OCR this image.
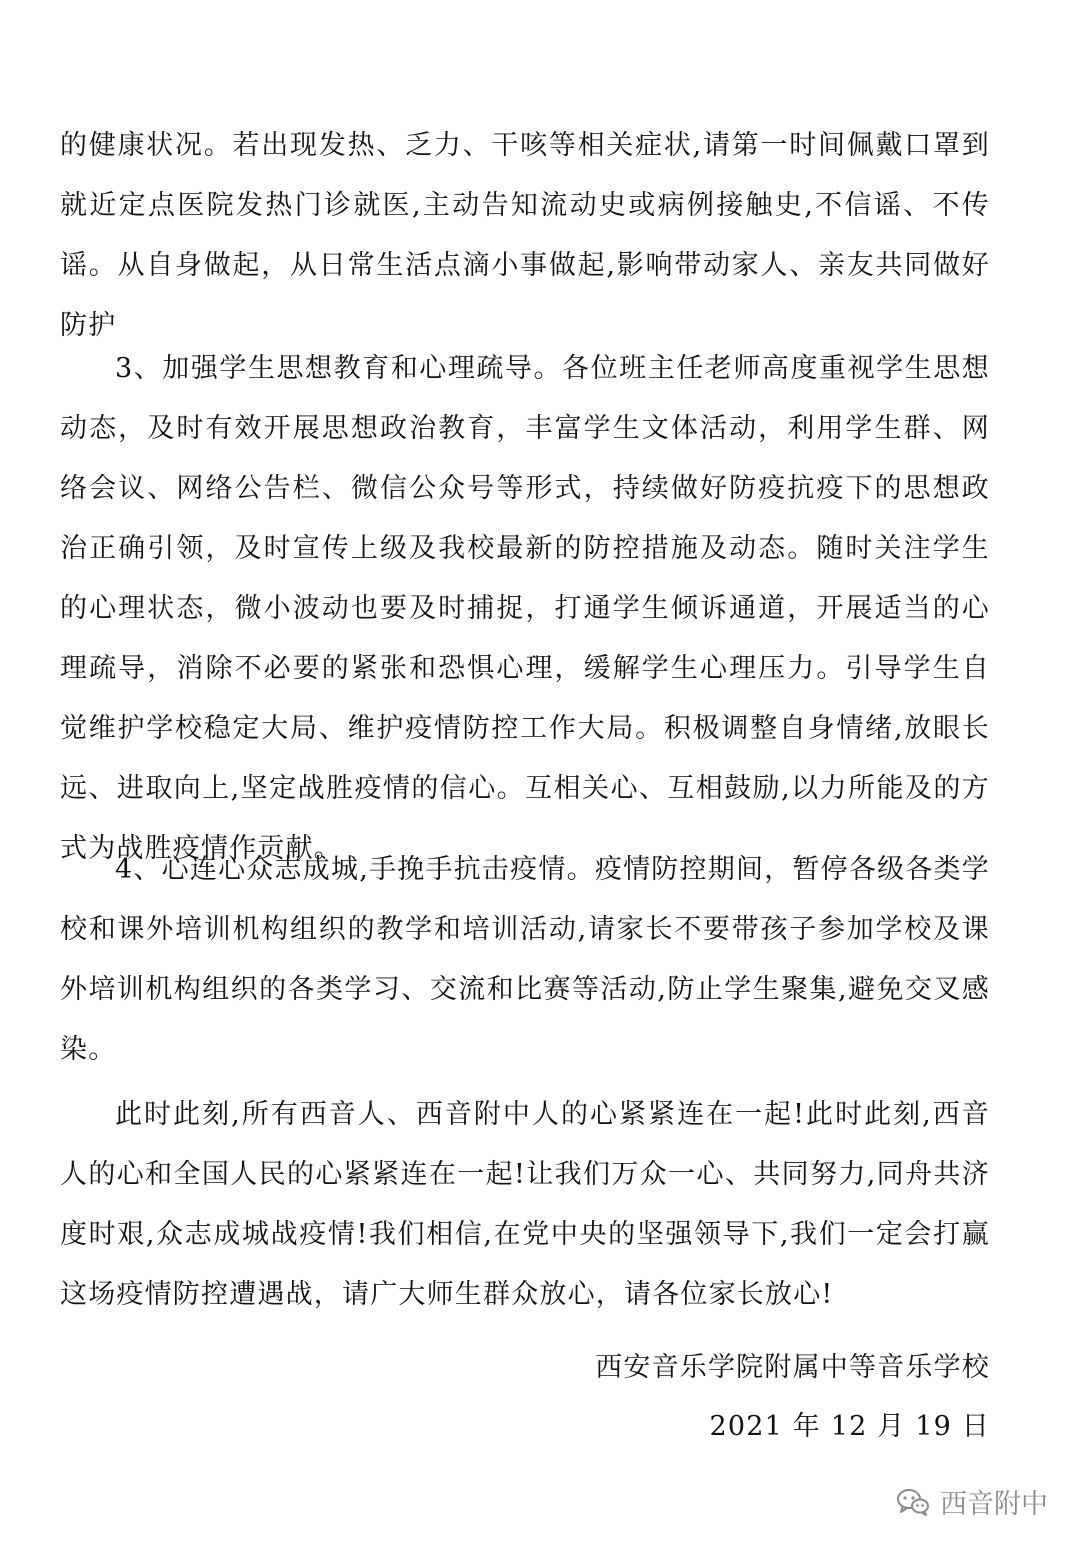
的健康状况。若出现发热、乏力、干咳等相关症状,请第一时间佩戴口罩到就近定点医院发热门诊就医,主动告知流动史或病例接触史,不信谣、不传谣。从自身做起，从日常生活点滴小事做起,影响带动家人、亲友共同做好防护

3、加强学生思想教育和心理疏导。各位班主任老师高度重视学生思想动态，及时有效开展思想政治教育，丰富学生文体活动，利用学生群、网络会议、网络公告栏、微信公众号等形式，持续做好防疫抗疫下的思想政治正确引领，及时宣传上级及我校最新的防控措施及动态。随时关注学生的心理状态，微小波动也要及时捕捉，打通学生倾诉通道，开展适当的心理疏导，消除不必要的紧张和恐惧心理，缓解学生心理压力。引导学生自觉维护学校稳定大局、维护疫情防控工作大局。积极调整自身情绪,放眼长远、进取向上,坚定战胜疫情的信心。互相关心、互相鼓励,以力所能及的方式为战胜疫情作贡献。

4、心连心众志成城,手挽手抗击疫情。疫情防控期间，暂停各级各类学校和课外培训机构组织的教学和培训活动,请家长不要带孩子参加学校及课外培训机构组织的各类学习、交流和比赛等活动,防止学生聚集,避免交叉感染。

此时此刻,所有西音人、西音附中人的心紧紧连在一起!此时此刻,西音人的心和全国人民的心紧紧连在一起!让我们万众一心、共同努力,同舟共济度时艰,众志成城战疫情!我们相信,在党中央的坚强领导下,我们一定会打赢这场疫情防控遭遇战，请广大师生群众放心，请各位家长放心!

西安音乐学院附属中等音乐学校

2021 年 12 月 19 日

西音附中
